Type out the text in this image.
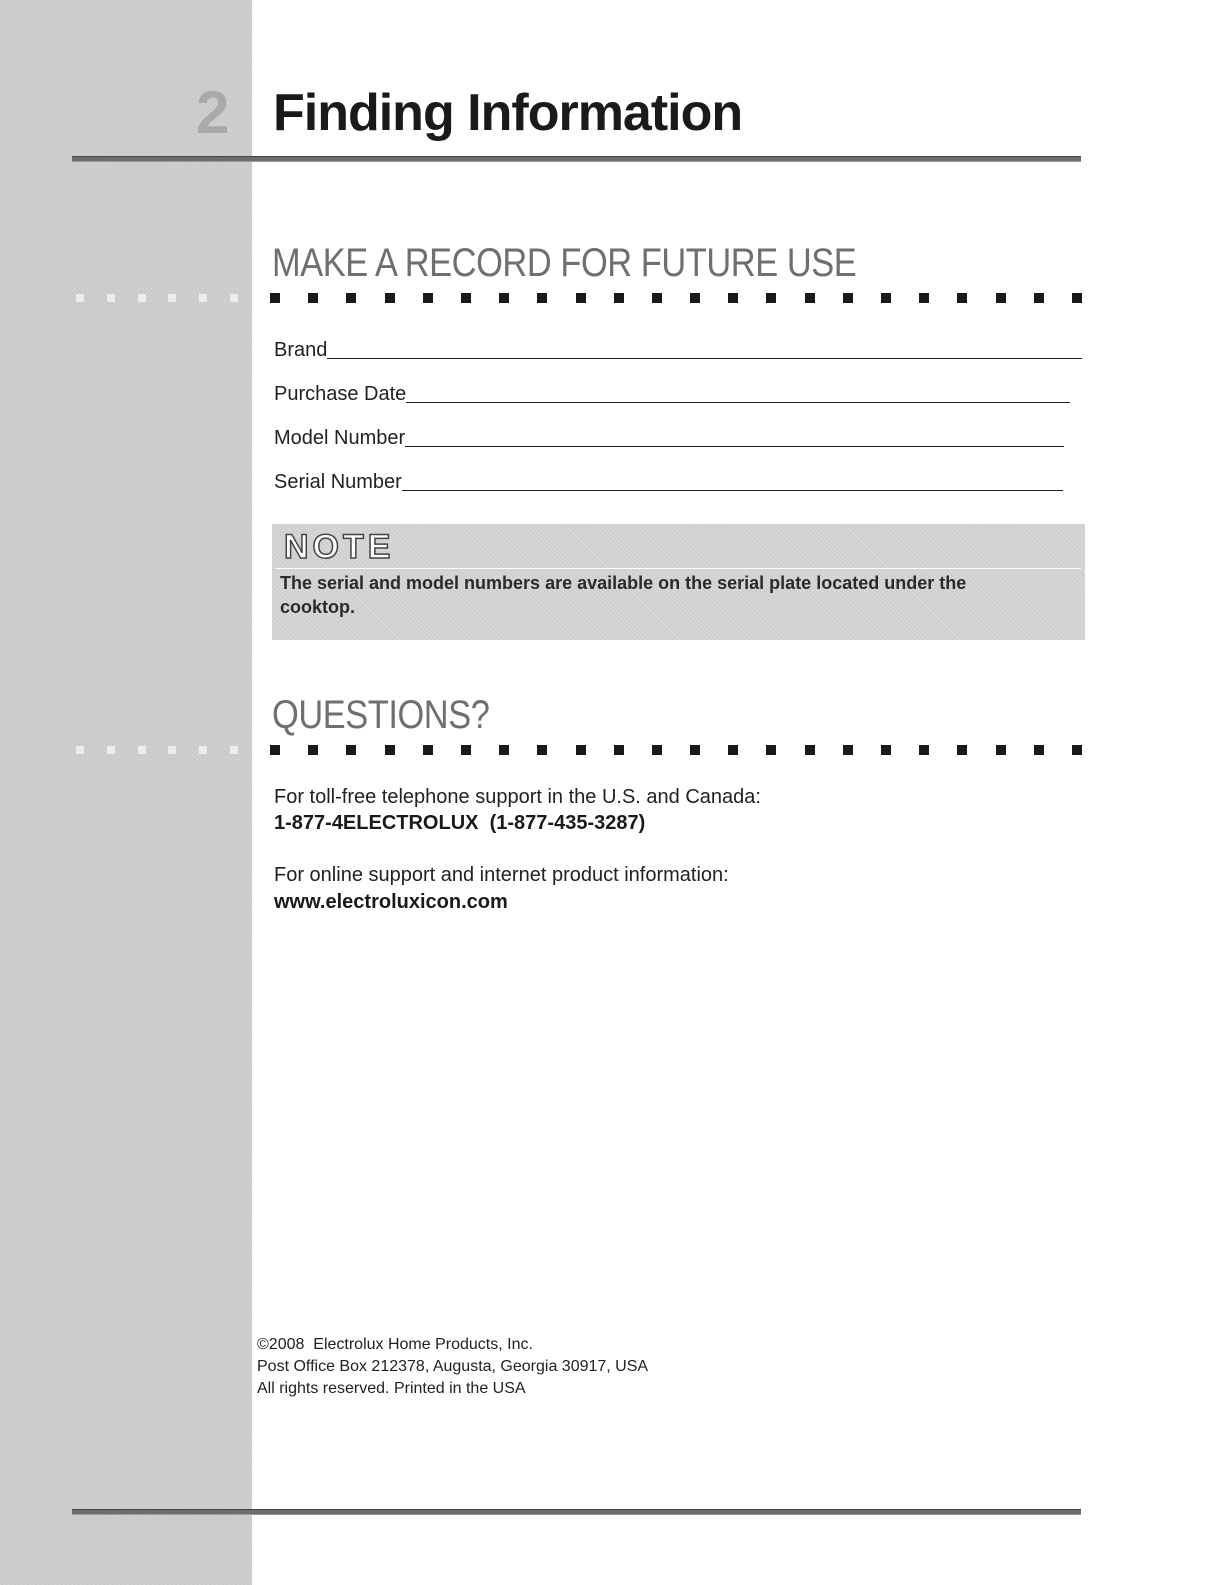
2 Finding Information
MAKE A RECORD FOR FUTURE USE
Brand
Purchase Date
Model Number
Serial Number
NOTE
The serial and model numbers are available on the serial plate located under the cooktop.
QUESTIONS?
For toll-free telephone support in the U.S. and Canada:
1-877-4ELECTROLUX  (1-877-435-3287)
For online support and internet product information:
www.electroluxicon.com
©2008  Electrolux Home Products, Inc.
Post Office Box 212378, Augusta, Georgia 30917, USA
All rights reserved. Printed in the USA
